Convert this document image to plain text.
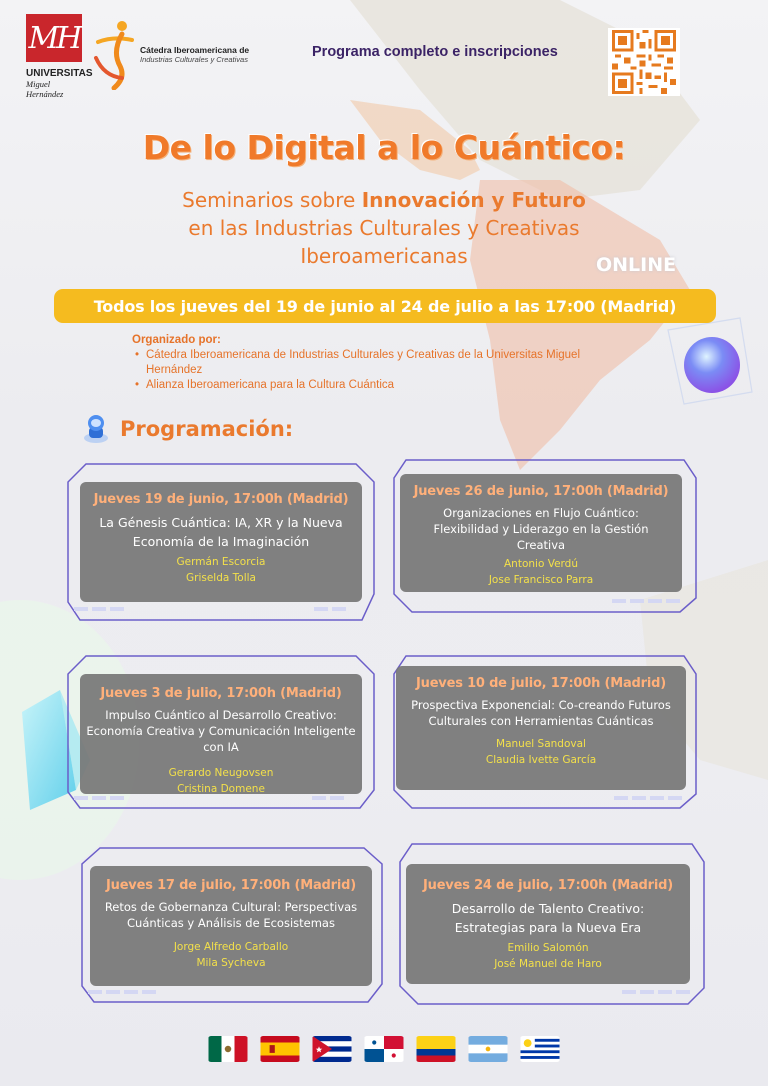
MH
UNIVERSITAS
Miguel Hernández
Cátedra Iberoamericana de
Industrias Culturales y Creativas	Programa completo e inscripciones
De lo Digital a lo Cuántico:
Seminarios sobre Innovación y Futuro
en las Industrias Culturales y Creativas
Iberoamericanas	ONLINE
Todos los jueves del 19 de junio al 24 de julio a las 17:00 (Madrid)
Organizado por:
• Cátedra Iberoamericana de Industrias Culturales y Creativas de la Universitas Miguel Hernández
• Alianza Iberoamericana para la Cultura Cuántica
Programación:
Jueves 19 de junio, 17:00h (Madrid)
La Génesis Cuántica: IA, XR y la Nueva Economía de la Imaginación
Germán Escorcia
Griselda Tolla
Jueves 26 de junio, 17:00h (Madrid)
Organizaciones en Flujo Cuántico: Flexibilidad y Liderazgo en la Gestión Creativa
Antonio Verdú
Jose Francisco Parra
Jueves 3 de julio, 17:00h (Madrid)
Impulso Cuántico al Desarrollo Creativo: Economía Creativa y Comunicación Inteligente con IA
Gerardo Neugovsen
Cristina Domene
Jueves 10 de julio, 17:00h (Madrid)
Prospectiva Exponencial: Co-creando Futuros Culturales con Herramientas Cuánticas
Manuel Sandoval
Claudia Ivette García
Jueves 17 de julio, 17:00h (Madrid)
Retos de Gobernanza Cultural: Perspectivas Cuánticas y Análisis de Ecosistemas
Jorge Alfredo Carballo
Mila Sycheva
Jueves 24 de julio, 17:00h (Madrid)
Desarrollo de Talento Creativo: Estrategias para la Nueva Era
Emilio Salomón
José Manuel de Haro
